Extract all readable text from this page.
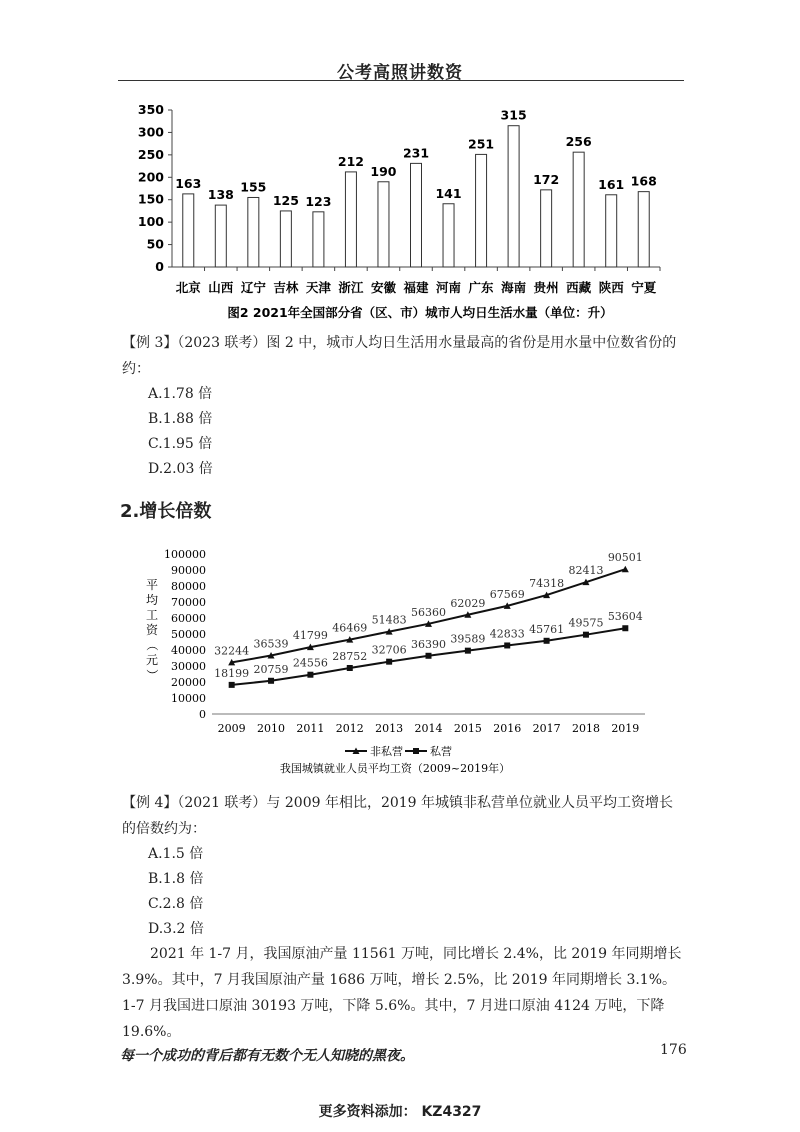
公考高照讲数资
0
50
100
150
200
250
300
350
163
138
155
125 123
212
190
231
141
251
315
172
256
161 168
北京 山西 辽宁 吉林 天津 浙江 安徽 福建 河南 广东 海南 贵州 西藏 陕西 宁夏
图2 2021年全国部分省（区、市）城市人均日生活水量（单位：升）
【例 3】（2023 联考）图 2 中，城市人均日生活用水量最高的省份是用水量中位数省份的约：
A.1.78 倍
B.1.88 倍
C.1.95 倍
D.2.03 倍
2.增长倍数
0
10000
20000
30000
40000
50000
60000
70000
80000
90000
100000
2009 2010 2011 2012 2013 2014 2015 2016 2017 2018 2019
32244
36539
41799
46469
51483
56360
62029
67569
74318
82413
90501
18199 20759 24556
28752 32706 36390 39589 42833 45761 49575 53604
平
均
工
资
（
元
）
非私营 私营
我国城镇就业人员平均工资（2009~2019年）
【例 4】（2021 联考）与 2009 年相比，2019 年城镇非私营单位就业人员平均工资增长的倍数约为：
A.1.5 倍
B.1.8 倍
C.2.8 倍
D.3.2 倍
2021 年 1-7 月，我国原油产量 11561 万吨，同比增长 2.4%，比 2019 年同期增长 3.9%。其中，7 月我国原油产量 1686 万吨，增长 2.5%，比 2019 年同期增长 3.1%。1-7 月我国进口原油 30193 万吨，下降 5.6%。其中，7 月进口原油 4124 万吨，下降 19.6%。
每一个成功的背后都有无数个无人知晓的黑夜。	176
更多资料添加： KZ4327
